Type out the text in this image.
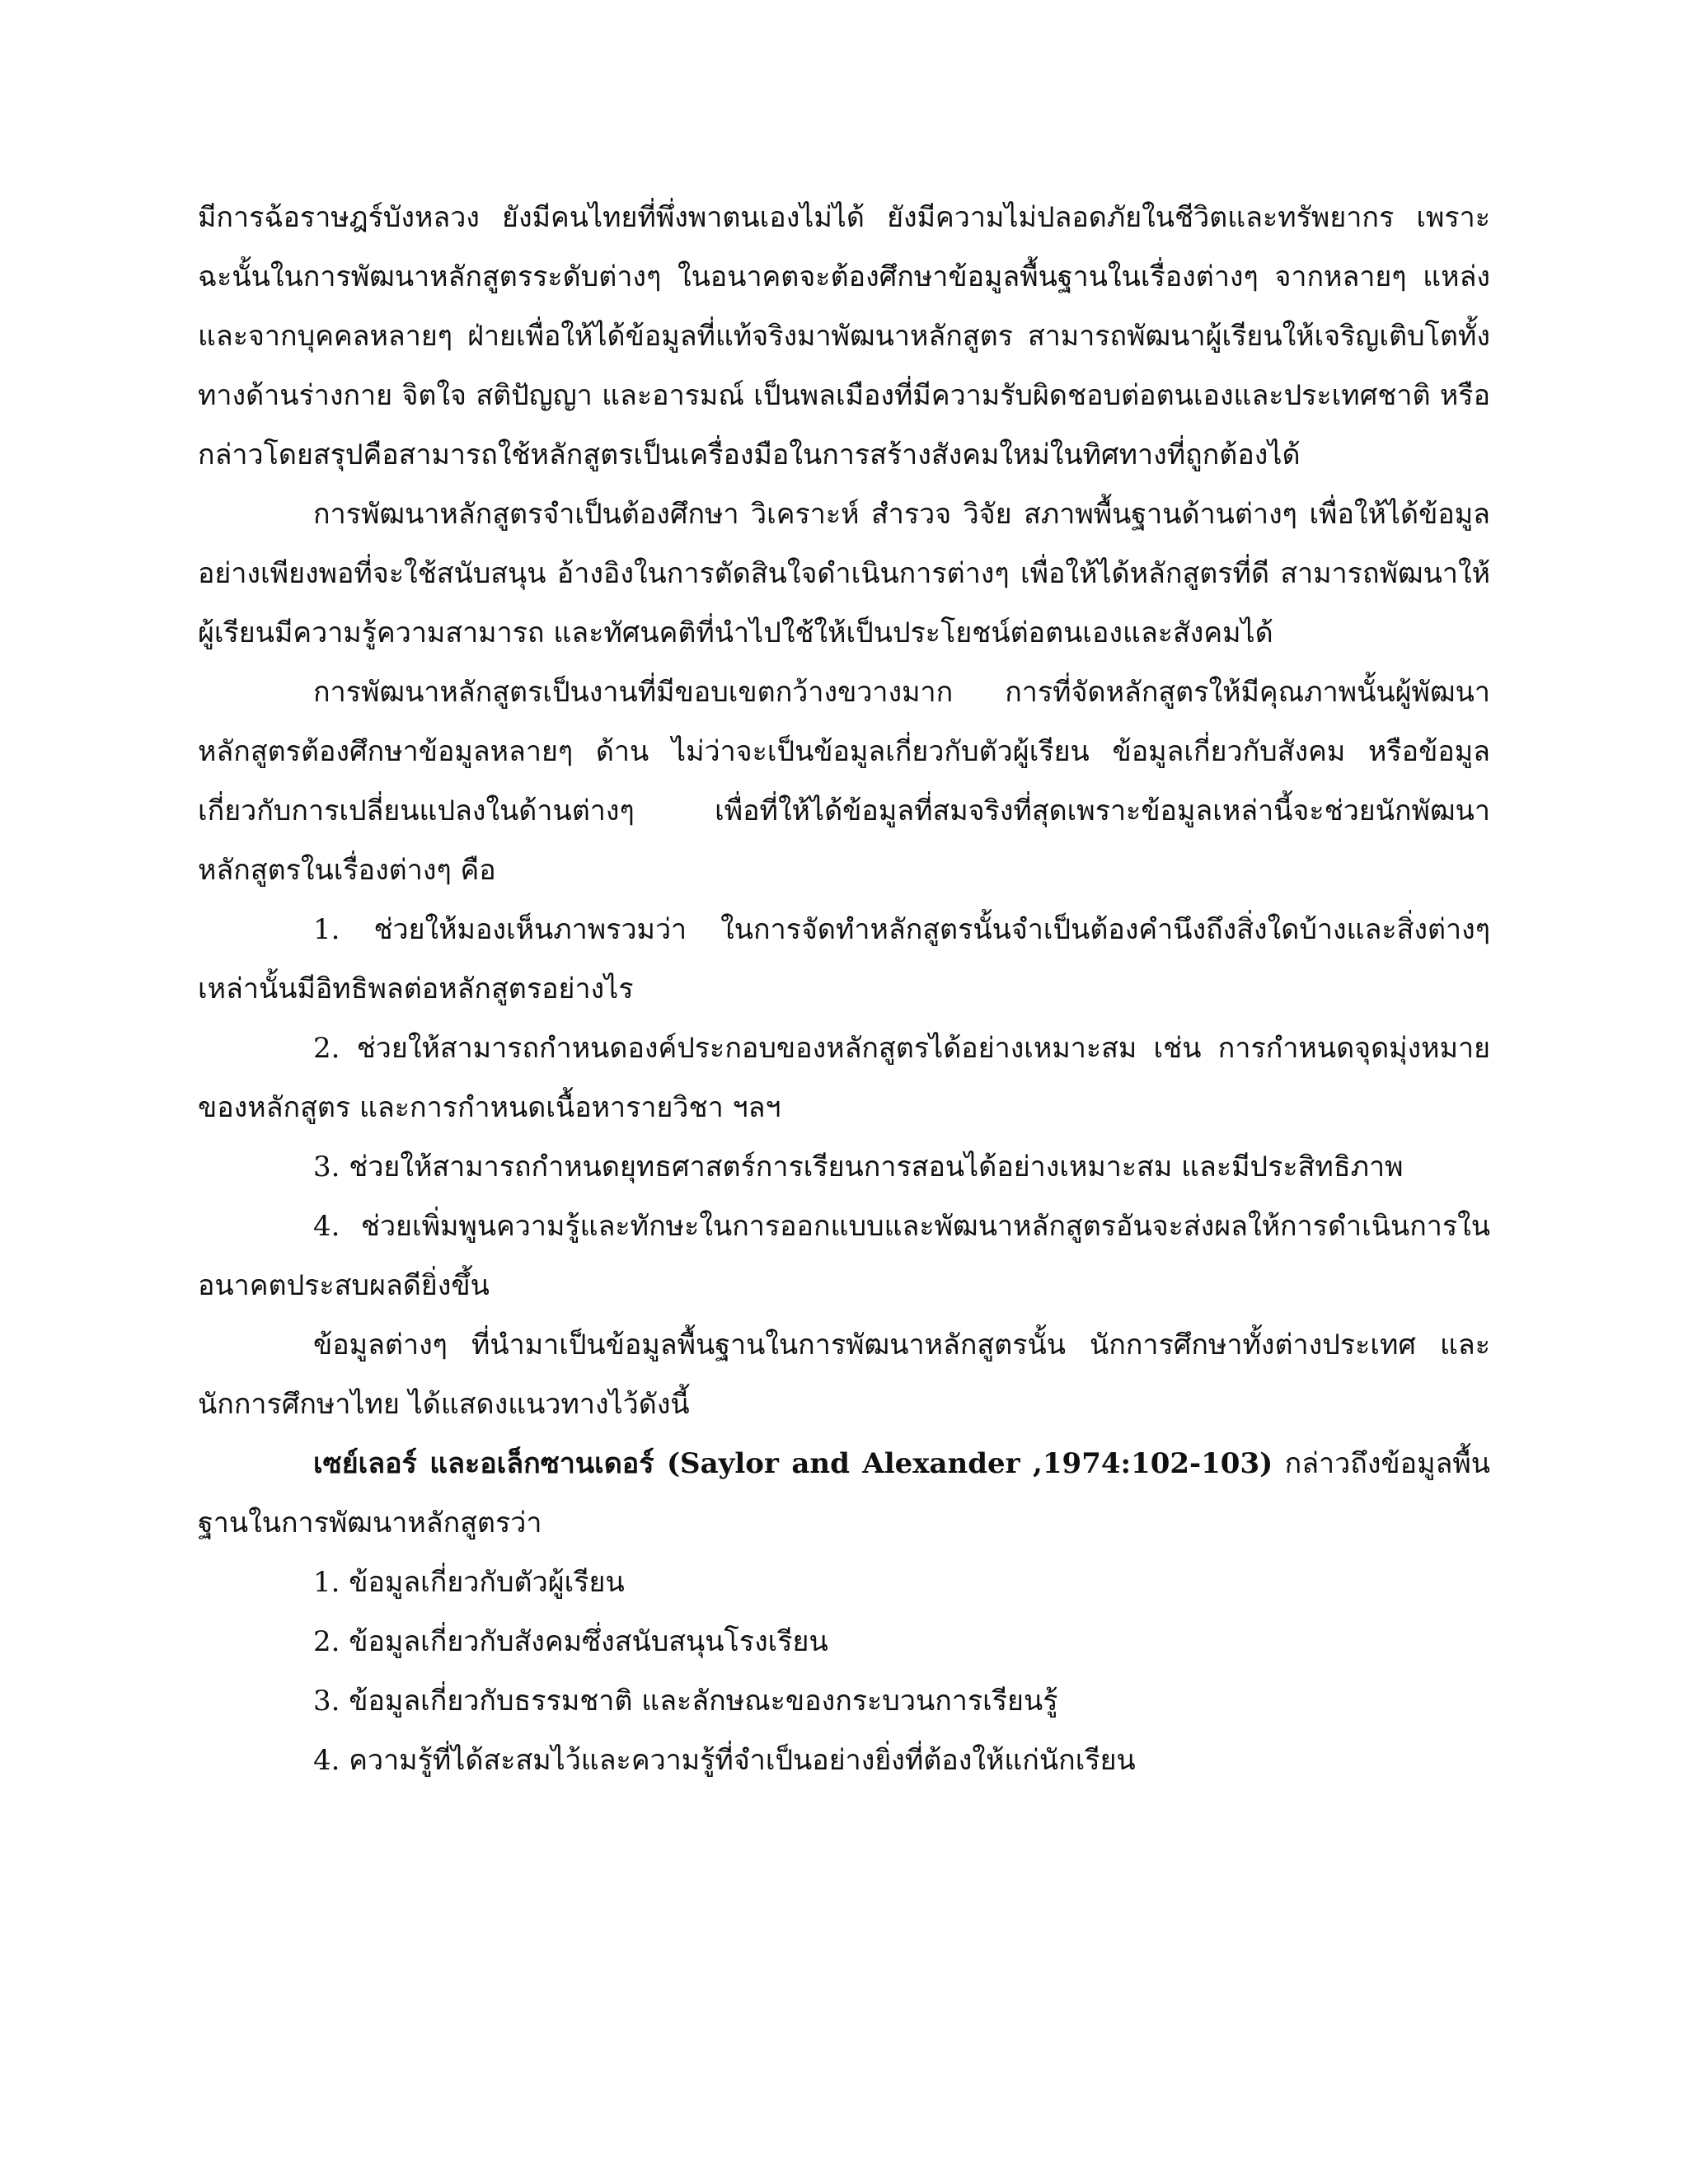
มีการฉ้อราษฎร์บังหลวง ยังมีคนไทยที่พึ่งพาตนเองไม่ได้ ยังมีความไม่ปลอดภัยในชีวิตและทรัพยากร เพราะฉะนั้นในการพัฒนาหลักสูตรระดับต่างๆ ในอนาคตจะต้องศึกษาข้อมูลพื้นฐานในเรื่องต่างๆ จากหลายๆ แหล่งและจากบุคคลหลายๆ ฝ่ายเพื่อให้ได้ข้อมูลที่แท้จริงมาพัฒนาหลักสูตร สามารถพัฒนาผู้เรียนให้เจริญเติบโตทั้งทางด้านร่างกาย จิตใจ สติปัญญา และอารมณ์ เป็นพลเมืองที่มีความรับผิดชอบต่อตนเองและประเทศชาติ หรือกล่าวโดยสรุปคือสามารถใช้หลักสูตรเป็นเครื่องมือในการสร้างสังคมใหม่ในทิศทางที่ถูกต้องได้

การพัฒนาหลักสูตรจำเป็นต้องศึกษา วิเคราะห์ สำรวจ วิจัย สภาพพื้นฐานด้านต่างๆ เพื่อให้ได้ข้อมูลอย่างเพียงพอที่จะใช้สนับสนุน อ้างอิงในการตัดสินใจดำเนินการต่างๆ เพื่อให้ได้หลักสูตรที่ดี สามารถพัฒนาให้ผู้เรียนมีความรู้ความสามารถ และทัศนคติที่นำไปใช้ให้เป็นประโยชน์ต่อตนเองและสังคมได้

การพัฒนาหลักสูตรเป็นงานที่มีขอบเขตกว้างขวางมาก การที่จัดหลักสูตรให้มีคุณภาพนั้นผู้พัฒนาหลักสูตรต้องศึกษาข้อมูลหลายๆ ด้าน ไม่ว่าจะเป็นข้อมูลเกี่ยวกับตัวผู้เรียน ข้อมูลเกี่ยวกับสังคม หรือข้อมูลเกี่ยวกับการเปลี่ยนแปลงในด้านต่างๆ เพื่อที่ให้ได้ข้อมูลที่สมจริงที่สุดเพราะข้อมูลเหล่านี้จะช่วยนักพัฒนาหลักสูตรในเรื่องต่างๆ คือ

1. ช่วยให้มองเห็นภาพรวมว่า ในการจัดทำหลักสูตรนั้นจำเป็นต้องคำนึงถึงสิ่งใดบ้างและสิ่งต่างๆ เหล่านั้นมีอิทธิพลต่อหลักสูตรอย่างไร

2. ช่วยให้สามารถกำหนดองค์ประกอบของหลักสูตรได้อย่างเหมาะสม เช่น การกำหนดจุดมุ่งหมายของหลักสูตร และการกำหนดเนื้อหารายวิชา ฯลฯ

3. ช่วยให้สามารถกำหนดยุทธศาสตร์การเรียนการสอนได้อย่างเหมาะสม และมีประสิทธิภาพ

4. ช่วยเพิ่มพูนความรู้และทักษะในการออกแบบและพัฒนาหลักสูตรอันจะส่งผลให้การดำเนินการในอนาคตประสบผลดียิ่งขึ้น

ข้อมูลต่างๆ ที่นำมาเป็นข้อมูลพื้นฐานในการพัฒนาหลักสูตรนั้น นักการศึกษาทั้งต่างประเทศ และนักการศึกษาไทย ได้แสดงแนวทางไว้ดังนี้

เซย์เลอร์ และอเล็กซานเดอร์ (Saylor and Alexander ,1974:102-103) กล่าวถึงข้อมูลพื้นฐานในการพัฒนาหลักสูตรว่า

1. ข้อมูลเกี่ยวกับตัวผู้เรียน

2. ข้อมูลเกี่ยวกับสังคมซึ่งสนับสนุนโรงเรียน

3. ข้อมูลเกี่ยวกับธรรมชาติ และลักษณะของกระบวนการเรียนรู้

4. ความรู้ที่ได้สะสมไว้และความรู้ที่จำเป็นอย่างยิ่งที่ต้องให้แก่นักเรียน
